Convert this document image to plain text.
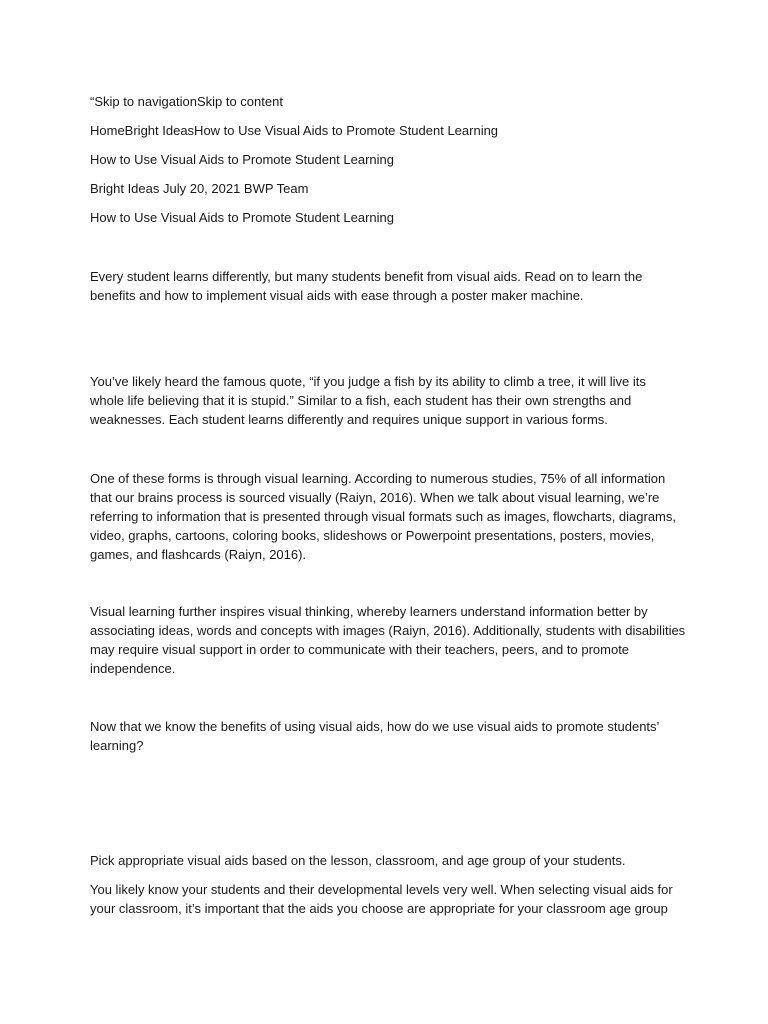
“Skip to navigationSkip to content

HomeBright IdeasHow to Use Visual Aids to Promote Student Learning

How to Use Visual Aids to Promote Student Learning

Bright Ideas July 20, 2021 BWP Team

How to Use Visual Aids to Promote Student Learning

Every student learns differently, but many students benefit from visual aids. Read on to learn the

benefits and how to implement visual aids with ease through a poster maker machine.

You’ve likely heard the famous quote, “if you judge a fish by its ability to climb a tree, it will live its

whole life believing that it is stupid.” Similar to a fish, each student has their own strengths and

weaknesses. Each student learns differently and requires unique support in various forms.

One of these forms is through visual learning. According to numerous studies, 75% of all information

that our brains process is sourced visually (Raiyn, 2016). When we talk about visual learning, we’re

referring to information that is presented through visual formats such as images, flowcharts, diagrams,

video, graphs, cartoons, coloring books, slideshows or Powerpoint presentations, posters, movies,

games, and flashcards (Raiyn, 2016).

Visual learning further inspires visual thinking, whereby learners understand information better by

associating ideas, words and concepts with images (Raiyn, 2016). Additionally, students with disabilities

may require visual support in order to communicate with their teachers, peers, and to promote

independence.

Now that we know the benefits of using visual aids, how do we use visual aids to promote students’

learning?

Pick appropriate visual aids based on the lesson, classroom, and age group of your students.

You likely know your students and their developmental levels very well. When selecting visual aids for

your classroom, it’s important that the aids you choose are appropriate for your classroom age group
